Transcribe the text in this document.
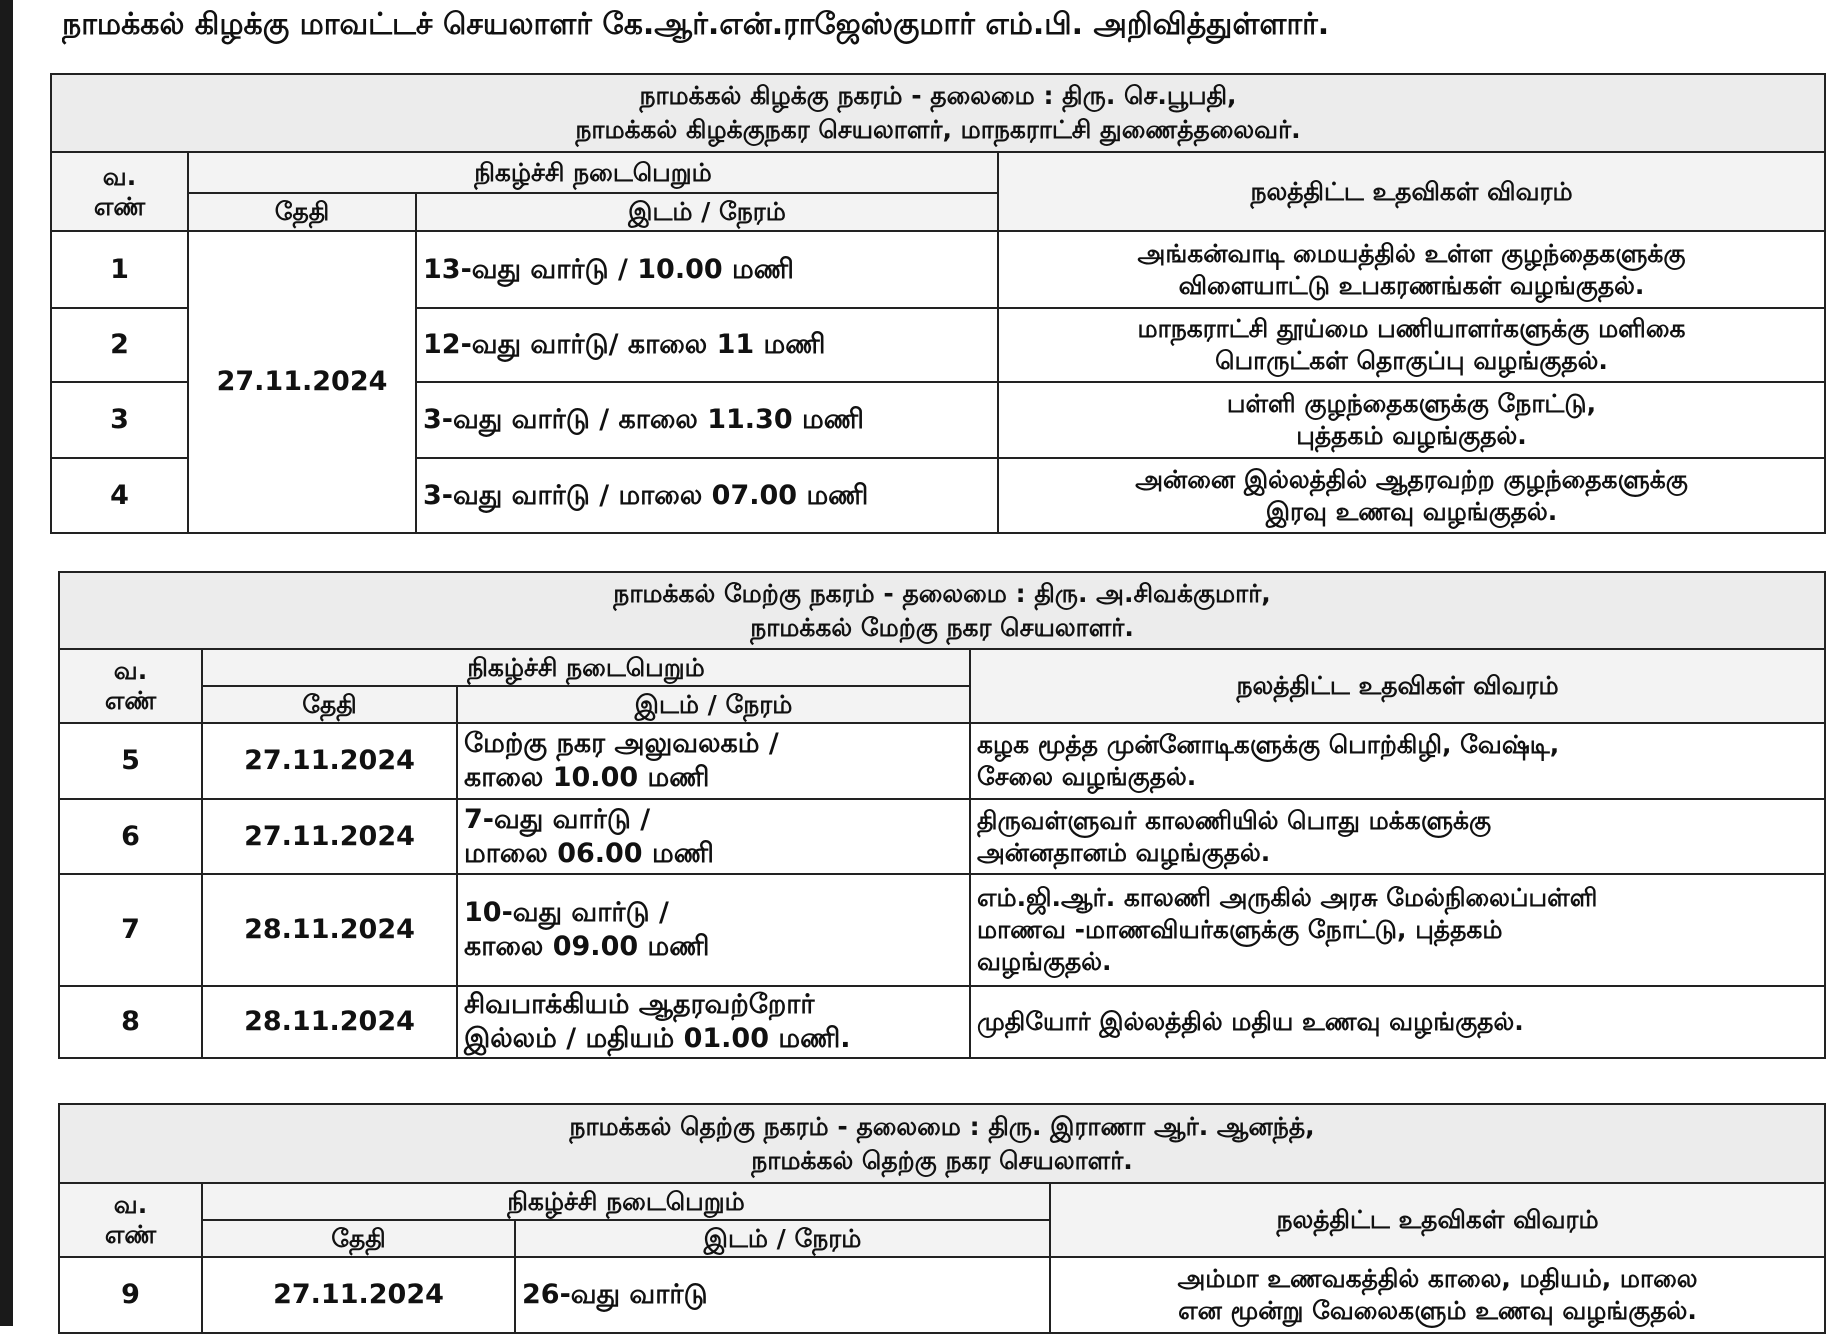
நாமக்கல் கிழக்கு மாவட்டச் செயலாளர் கே.ஆர்.என்.ராஜேஸ்குமார் எம்.பி. அறிவித்துள்ளார்.
நாமக்கல் கிழக்கு நகரம் - தலைமை : திரு. செ.பூபதி,
நாமக்கல் கிழக்குநகர செயலாளர், மாநகராட்சி துணைத்தலைவர்.			

வ.
எண்	நிகழ்ச்சி நடைபெறும்		நலத்திட்ட உதவிகள் விவரம்
	தேதி	இடம் / நேரம்	
1	27.11.2024	13-வது வார்டு / 10.00 மணி	அங்கன்வாடி மையத்தில் உள்ள குழந்தைகளுக்கு
விளையாட்டு உபகரணங்கள் வழங்குதல்.

2		12-வது வார்டு/ காலை 11 மணி	மாநகராட்சி தூய்மை பணியாளர்களுக்கு மளிகை
பொருட்கள் தொகுப்பு வழங்குதல்.

3		3-வது வார்டு / காலை 11.30 மணி	பள்ளி குழந்தைகளுக்கு நோட்டு,
புத்தகம் வழங்குதல்.

4		3-வது வார்டு / மாலை 07.00 மணி	அன்னை இல்லத்தில் ஆதரவற்ற குழந்தைகளுக்கு
இரவு உணவு வழங்குதல்.
நாமக்கல் மேற்கு நகரம் - தலைமை : திரு. அ.சிவக்குமார்,
நாமக்கல் மேற்கு நகர செயலாளர்.			

வ.
எண்	நிகழ்ச்சி நடைபெறும்		நலத்திட்ட உதவிகள் விவரம்
	தேதி	இடம் / நேரம்	
5	27.11.2024	மேற்கு நகர அலுவலகம் /
காலை 10.00 மணி	கழக மூத்த முன்னோடிகளுக்கு பொற்கிழி, வேஷ்டி,
சேலை வழங்குதல்.

6	27.11.2024	7-வது வார்டு /
மாலை 06.00 மணி	திருவள்ளுவர் காலணியில் பொது மக்களுக்கு
அன்னதானம் வழங்குதல்.

7	28.11.2024	10-வது வார்டு /
காலை 09.00 மணி	எம்.ஜி.ஆர். காலணி அருகில் அரசு மேல்நிலைப்பள்ளி
மாணவ -மாணவியர்களுக்கு நோட்டு, புத்தகம்
வழங்குதல்.

8	28.11.2024	சிவபாக்கியம் ஆதரவற்றோர்
இல்லம் / மதியம் 01.00 மணி.	முதியோர் இல்லத்தில் மதிய உணவு வழங்குதல்.
நாமக்கல் தெற்கு நகரம் - தலைமை : திரு. இராணா ஆர். ஆனந்த்,
நாமக்கல் தெற்கு நகர செயலாளர்.			

வ.
எண்	நிகழ்ச்சி நடைபெறும்		நலத்திட்ட உதவிகள் விவரம்
	தேதி	இடம் / நேரம்	
9	27.11.2024	26-வது வார்டு	அம்மா உணவகத்தில் காலை, மதியம், மாலை
என மூன்று வேலைகளும் உணவு வழங்குதல்.
